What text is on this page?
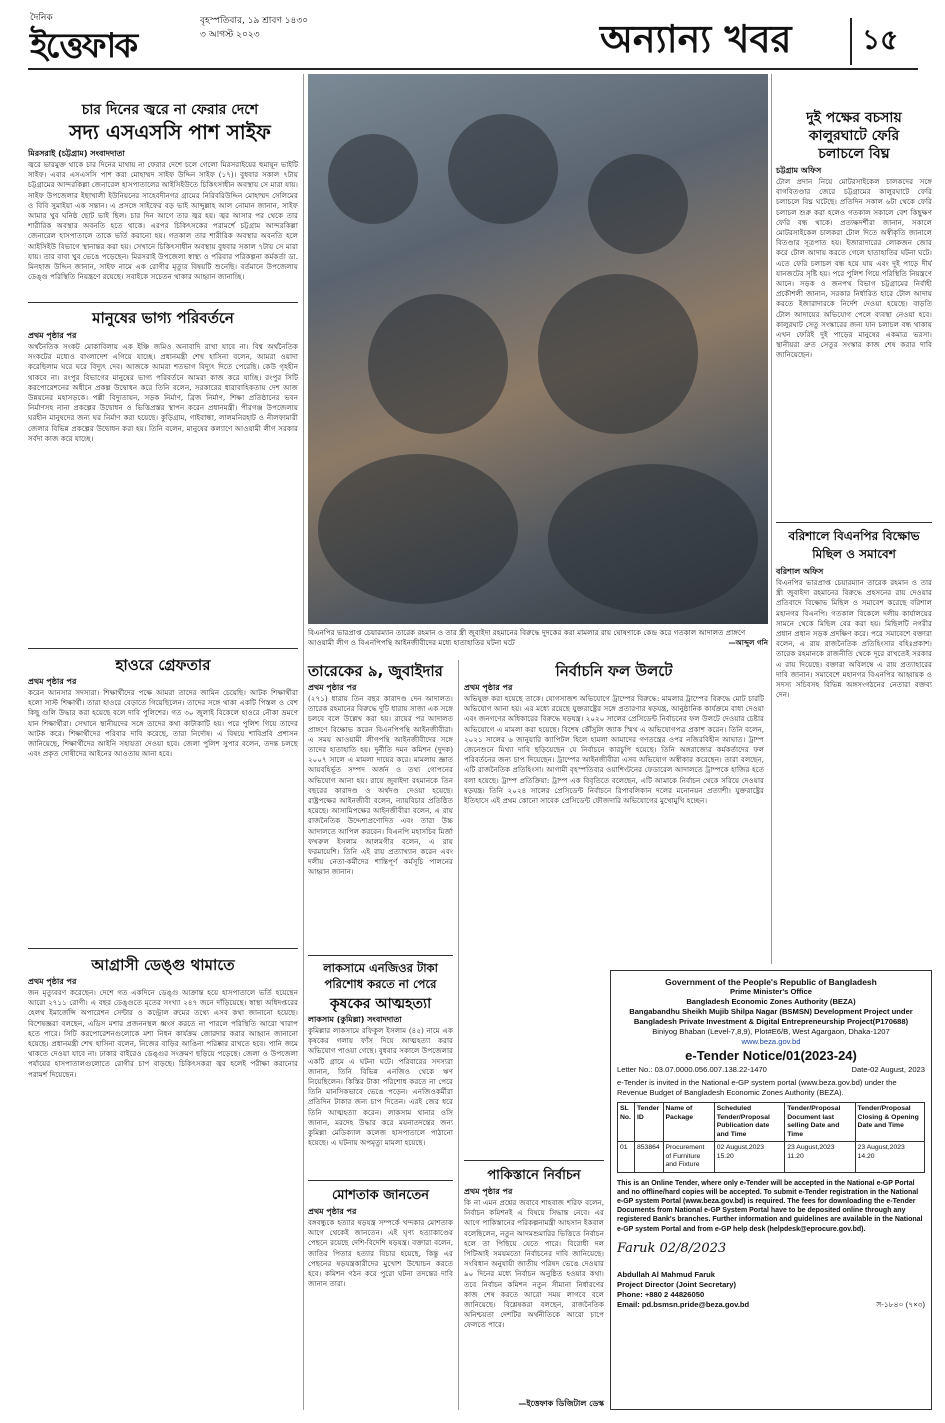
দৈনিক
ইত্তেফাক
বৃহস্পতিবার, ১৯ শ্রাবণ ১৪৩০
৩ আগস্ট ২০২৩	অন্যান্য খবর	১৫
চার দিনের জ্বরে না ফেরার দেশে
সদ্য এসএসসি পাশ সাইফ
মিরসরাই (চট্টগ্রাম) সংবাদদাতা
জ্বরে ভারমুক্ত থাকে চার দিনের মাথায় না ফেরার দেশে চলে গেলো মিরসরাইয়ের হুমায়ূন ভাইটি সাইফ। এবার এসএসসি পাশ করা মোহাম্মদ সাইফ উদ্দিন সাইফ (১৭)। বুধবার সকাল ৭টায় চট্টগ্রামের আন্দরকিল্লা জেনারেল হাসপাতালের আইসিইউতে চিকিৎসাধীন অবস্থায় সে মারা যায়। সাইফ উপজেলার ইছাখালী ইউনিয়নের সাহেবদীনগর গ্রামের নিরিবরিউদ্দিন মোহাম্মদ সেলিমের ও বিবি সুমাইয়া এক সন্তান। এ প্রসঙ্গে সাইফের বড় ভাই আব্দুল্লাহ আল নোমান জানান, সাইফ আমার খুব ঘনিষ্ঠ ছোট ভাই ছিল। চার দিন আগে তার জ্বর হয়। জ্বর আসার পর থেকে তার শারীরিক অবস্থার অবনতি হতে থাকে। এরপর চিকিৎসকের পরামর্শে চট্টগ্রাম আন্দরকিল্লা জেনারেল হাসপাতালে তাকে ভর্তি করানো হয়। গতকাল তার শারীরিক অবস্থার অবনতি হলে আইসিইউ বিভাগে স্থানান্তর করা হয়। সেখানে চিকিৎসাধীন অবস্থায় বুধবার সকাল ৭টায় সে মারা যায়। তার বাবা খুব ভেঙে পড়েছেন। মিরসরাই উপজেলা স্বাস্থ্য ও পরিবার পরিকল্পনা কর্মকর্তা ডা. মিনহাজ উদ্দিন জানান, সাইফ নামে এক রোগীর মৃত্যুর বিষয়টি শুনেছি। বর্তমানে উপজেলায় ডেঙ্গু পরিস্থিতি নিয়ন্ত্রণে রয়েছে। সবাইকে সচেতন থাকার আহ্বান জানাচ্ছি।
মানুষের ভাগ্য পরিবর্তনে
প্রথম পৃষ্ঠার পর
অর্থনৈতিক সংকট মোকাবিলায় এক ইঞ্চি জমিও অনাবাদি রাখা যাবে না। বিশ্ব অর্থনৈতিক সংকটের মধ্যেও বাংলাদেশ এগিয়ে যাচ্ছে। প্রধানমন্ত্রী শেখ হাসিনা বলেন, আমরা ওয়াদা করেছিলাম ঘরে ঘরে বিদ্যুৎ দেব। আজকে আমরা শতভাগ বিদ্যুৎ দিতে পেরেছি। কেউ গৃহহীন থাকবে না। রংপুর বিভাগের মানুষের ভাগ্য পরিবর্তনে আমরা কাজ করে যাচ্ছি। রংপুর সিটি করপোরেশনের অধীনে প্রকল্প উদ্বোধন করে তিনি বলেন, সরকারের ধারাবাহিকতায় দেশ আজ উন্নয়নের মহাসড়কে। পল্লী বিদ্যুতায়ন, সড়ক নির্মাণ, ব্রিজ নির্মাণ, শিক্ষা প্রতিষ্ঠানের ভবন নির্মাণসহ নানা প্রকল্পের উদ্বোধন ও ভিত্তিপ্রস্তর স্থাপন করেন প্রধানমন্ত্রী। পীরগঞ্জ উপজেলায় ঘরহীন মানুষদের জন্য ঘর নির্মাণ করা হয়েছে। কুড়িগ্রাম, গাইবান্ধা, লালমনিরহাট ও নীলফামারী জেলার বিভিন্ন প্রকল্পের উদ্বোধন করা হয়। তিনি বলেন, মানুষের কল্যাণে আওয়ামী লীগ সরকার সর্বদা কাজ করে যাচ্ছে।
হাওরে গ্রেফতার
প্রথম পৃষ্ঠার পর
করেন আনসার সদস্যরা। শিক্ষার্থীদের পক্ষে আমরা তাদের জামিন চেয়েছি। আটক শিক্ষার্থীরা হলো সাস্ট শিক্ষার্থী। তারা হাওরে বেড়াতে গিয়েছিলেন। তাদের সঙ্গে থাকা একটি পিস্তল ও বেশ কিছু গুলি উদ্ধার করা হয়েছে বলে দাবি পুলিশের। গত ৩০ জুলাই বিকেলে হাওরে নৌকা ভ্রমণে যান শিক্ষার্থীরা। সেখানে স্থানীয়দের সঙ্গে তাদের কথা কাটাকাটি হয়। পরে পুলিশ গিয়ে তাদের আটক করে। শিক্ষার্থীদের পরিবার দাবি করেছে, তারা নির্দোষ। এ বিষয়ে শাবিপ্রবি প্রশাসন জানিয়েছে, শিক্ষার্থীদের আইনি সহায়তা দেওয়া হবে। জেলা পুলিশ সুপার বলেন, তদন্ত চলছে এবং প্রকৃত দোষীদের আইনের আওতায় আনা হবে।
আগ্রাসী ডেঙ্গু থামাতে
প্রথম পৃষ্ঠার পর
জন মৃত্যুবরণ করেছেন। দেশে গত একদিনে ডেঙ্গু আক্রান্ত হয়ে হাসপাতালে ভর্তি হয়েছেন আরো ২৭১১ রোগী। এ বছর ডেঙ্গুতে মৃতের সংখ্যা ২৪৭ জনে দাঁড়িয়েছে। স্বাস্থ্য অধিদপ্তরের হেলথ ইমার্জেন্সি অপারেশন সেন্টার ও কন্ট্রোল রুমের তথ্যে এসব কথা জানানো হয়েছে। বিশেষজ্ঞরা বলছেন, এডিস মশার প্রজননস্থল ধ্বংস করতে না পারলে পরিস্থিতি আরো খারাপ হতে পারে। সিটি করপোরেশনগুলোকে মশা নিধন কার্যক্রম জোরদার করার আহ্বান জানানো হয়েছে। প্রধানমন্ত্রী শেখ হাসিনা বলেন, নিজের বাড়ির আঙিনা পরিষ্কার রাখতে হবে। পানি জমে থাকতে দেওয়া যাবে না। ঢাকার বাইরেও ডেঙ্গুর সংক্রমণ ছড়িয়ে পড়েছে। জেলা ও উপজেলা পর্যায়ের হাসপাতালগুলোতে রোগীর চাপ বাড়ছে। চিকিৎসকরা জ্বর হলেই পরীক্ষা করানোর পরামর্শ দিয়েছেন।
বিএনপির ভারপ্রাপ্ত চেয়ারম্যান তারেক রহমান ও তার স্ত্রী জুবাইদা রহমানের বিরুদ্ধে দুদকের করা মামলার রায় ঘোষণাকে কেন্দ্র করে গতকাল আদালত প্রাঙ্গণে আওয়ামী লীগ ও বিএনপিপন্থি আইনজীবীদের মধ্যে হাতাহাতির ঘটনা ঘটে	—আব্দুল গনি
তারেকের ৯, জুবাইদার
প্রথম পৃষ্ঠার পর
(২৭১) ধারায় তিন বছর কারাদণ্ড দেন আদালত। তারেক রহমানের বিরুদ্ধে দুটি ধারায় সাজা এক সঙ্গে চলবে বলে উল্লেখ করা হয়। রায়ের পর আদালত প্রাঙ্গণে বিক্ষোভ করেন বিএনপিপন্থি আইনজীবীরা। এ সময় আওয়ামী লীগপন্থি আইনজীবীদের সঙ্গে তাদের হাতাহাতি হয়। দুর্নীতি দমন কমিশন (দুদক) ২০০৭ সালে এ মামলা দায়ের করে। মামলায় জ্ঞাত আয়বহির্ভূত সম্পদ অর্জন ও তথ্য গোপনের অভিযোগ আনা হয়। রায়ে জুবাইদা রহমানকে তিন বছরের কারাদণ্ড ও অর্থদণ্ড দেওয়া হয়েছে। রাষ্ট্রপক্ষের আইনজীবী বলেন, ন্যায়বিচার প্রতিষ্ঠিত হয়েছে। আসামিপক্ষের আইনজীবীরা বলেন, এ রায় রাজনৈতিক উদ্দেশ্যপ্রণোদিত এবং তারা উচ্চ আদালতে আপিল করবেন। বিএনপি মহাসচিব মির্জা ফখরুল ইসলাম আলমগীর বলেন, এ রায় ফরমায়েশি। তিনি এই রায় প্রত্যাখ্যান করেন এবং দলীয় নেতা-কর্মীদের শান্তিপূর্ণ কর্মসূচি পালনের আহ্বান জানান।
লাকসামে এনজিওর টাকা
পরিশোধ করতে না পেরে
কৃষকের আত্মহত্যা
লাকসাম (কুমিল্লা) সংবাদদাতা
কুমিল্লার লাকসামে রফিকুল ইসলাম (৪৫) নামে এক কৃষকের গলায় ফাঁস দিয়ে আত্মহত্যা করার অভিযোগ পাওয়া গেছে। বুধবার সকালে উপজেলার একটি গ্রামে এ ঘটনা ঘটে। পরিবারের সদস্যরা জানান, তিনি বিভিন্ন এনজিও থেকে ঋণ নিয়েছিলেন। কিস্তির টাকা পরিশোধ করতে না পেরে তিনি মানসিকভাবে ভেঙে পড়েন। এনজিওকর্মীরা প্রতিদিন টাকার জন্য চাপ দিতেন। এরই জের ধরে তিনি আত্মহত্যা করেন। লাকসাম থানার ওসি জানান, মরদেহ উদ্ধার করে ময়নাতদন্তের জন্য কুমিল্লা মেডিক্যাল কলেজ হাসপাতালে পাঠানো হয়েছে। এ ঘটনায় অপমৃত্যু মামলা হয়েছে।
মোশতাক জানতেন
প্রথম পৃষ্ঠার পর
বঙ্গবন্ধুকে হত্যার ষড়যন্ত্র সম্পর্কে খন্দকার মোশতাক আগে থেকেই জানতেন। এই ঘৃণ্য হত্যাকাণ্ডের পেছনে রয়েছে দেশি-বিদেশি ষড়যন্ত্র। বক্তারা বলেন, জাতির পিতার হত্যার বিচার হয়েছে, কিন্তু এর পেছনের ষড়যন্ত্রকারীদের মুখোশ উন্মোচন করতে হবে। কমিশন গঠন করে পুরো ঘটনা তদন্তের দাবি জানান তারা।
নির্বাচনি ফল উলটে
প্রথম পৃষ্ঠার পর
অভিযুক্ত করা হয়েছে তাকে। যোগসাজশ অভিযোগে ট্রাম্পের বিরুদ্ধে: মামলার ট্রাম্পের বিরুদ্ধে মোট চারটি অভিযোগ আনা হয়। এর মধ্যে রয়েছে যুক্তরাষ্ট্রের সঙ্গে প্রতারণার ষড়যন্ত্র, আনুষ্ঠানিক কার্যক্রমে বাধা দেওয়া এবং জনগণের অধিকারের বিরুদ্ধে ষড়যন্ত্র। ২০২০ সালের প্রেসিডেন্ট নির্বাচনের ফল উলটে দেওয়ার চেষ্টার অভিযোগে এ মামলা করা হয়েছে। বিশেষ কৌঁসুলি জ্যাক স্মিথ এ অভিযোগপত্র প্রকাশ করেন। তিনি বলেন, ২০২১ সালের ৬ জানুয়ারি ক্যাপিটল হিলে হামলা আমাদের গণতন্ত্রের ওপর নজিরবিহীন আঘাত। ট্রাম্প জেনেশুনে মিথ্যা দাবি ছড়িয়েছেন যে নির্বাচনে কারচুপি হয়েছে। তিনি অঙ্গরাজ্যের কর্মকর্তাদের ফল পরিবর্তনের জন্য চাপ দিয়েছেন। ট্রাম্পের আইনজীবীরা এসব অভিযোগ অস্বীকার করেছেন। তারা বলছেন, এটি রাজনৈতিক প্রতিহিংসা। আগামী বৃহস্পতিবার ওয়াশিংটনের ফেডারেল আদালতে ট্রাম্পকে হাজির হতে বলা হয়েছে। ট্রাম্প প্রতিক্রিয়া: ট্রাম্প এক বিবৃতিতে বলেছেন, এটি আমাকে নির্বাচন থেকে সরিয়ে দেওয়ার ষড়যন্ত্র। তিনি ২০২৪ সালের প্রেসিডেন্ট নির্বাচনে রিপাবলিকান দলের মনোনয়ন প্রত্যাশী। যুক্তরাষ্ট্রের ইতিহাসে এই প্রথম কোনো সাবেক প্রেসিডেন্ট ফৌজদারি অভিযোগের মুখোমুখি হচ্ছেন।
পাকিস্তানে নির্বাচন
প্রথম পৃষ্ঠার পর
কি না এমন প্রশ্নের জবাবে শাহবাজ শরিফ বলেন, নির্বাচন কমিশনই এ বিষয়ে সিদ্ধান্ত নেবে। এর আগে পাকিস্তানের পরিকল্পনামন্ত্রী আহসান ইকবাল বলেছিলেন, নতুন আদমশুমারির ভিত্তিতে নির্বাচন হলে তা পিছিয়ে যেতে পারে। বিরোধী দল পিটিআই সময়মতো নির্বাচনের দাবি জানিয়েছে। সংবিধান অনুযায়ী জাতীয় পরিষদ ভেঙে দেওয়ার ৯০ দিনের মধ্যে নির্বাচন অনুষ্ঠিত হওয়ার কথা। তবে নির্বাচন কমিশন নতুন সীমানা নির্ধারণের কাজ শেষ করতে আরো সময় লাগবে বলে জানিয়েছে। বিশ্লেষকরা বলছেন, রাজনৈতিক অনিশ্চয়তা দেশটির অর্থনীতিকে আরো চাপে ফেলতে পারে।
—ইত্তেফাক ডিজিটাল ডেস্ক
দুই পক্ষের বচসায়
কালুরঘাটে ফেরি
চলাচলে বিঘ্ন
চট্টগ্রাম অফিস
টোল প্রদান নিয়ে মোটরসাইকেল চালকদের সঙ্গে বাগবিতণ্ডার জেরে চট্টগ্রামের কালুরঘাটে ফেরি চলাচলে বিঘ্ন ঘটেছে। প্রতিদিন সকাল ৬টা থেকে ফেরি চলাচল শুরু করা হলেও গতকাল সকালে বেশ কিছুক্ষণ ফেরি বন্ধ থাকে। প্রত্যক্ষদর্শীরা জানান, সকালে মোটরসাইকেল চালকরা টোল দিতে অস্বীকৃতি জানালে বিতণ্ডার সূত্রপাত হয়। ইজারাদারের লোকজন জোর করে টোল আদায় করতে গেলে হাতাহাতির ঘটনা ঘটে। এতে ফেরি চলাচল বন্ধ হয়ে যায় এবং দুই পাড়ে দীর্ঘ যানজটের সৃষ্টি হয়। পরে পুলিশ গিয়ে পরিস্থিতি নিয়ন্ত্রণে আনে। সড়ক ও জনপথ বিভাগ চট্টগ্রামের নির্বাহী প্রকৌশলী জানান, সরকার নির্ধারিত হারে টোল আদায় করতে ইজারাদারকে নির্দেশ দেওয়া হয়েছে। বাড়তি টোল আদায়ের অভিযোগ পেলে ব্যবস্থা নেওয়া হবে। কালুরঘাট সেতু সংস্কারের জন্য যান চলাচল বন্ধ থাকায় এখন ফেরিই দুই পাড়ের মানুষের একমাত্র ভরসা। স্থানীয়রা দ্রুত সেতুর সংস্কার কাজ শেষ করার দাবি জানিয়েছেন।
বরিশালে বিএনপির বিক্ষোভ
মিছিল ও সমাবেশ
বরিশাল অফিস
বিএনপির ভারপ্রাপ্ত চেয়ারম্যান তারেক রহমান ও তার স্ত্রী জুবাইদা রহমানের বিরুদ্ধে প্রহসনের রায় দেওয়ার প্রতিবাদে বিক্ষোভ মিছিল ও সমাবেশ করেছে বরিশাল মহানগর বিএনপি। গতকাল বিকেলে দলীয় কার্যালয়ের সামনে থেকে মিছিল বের করা হয়। মিছিলটি নগরীর প্রধান প্রধান সড়ক প্রদক্ষিণ করে। পরে সমাবেশে বক্তারা বলেন, এ রায় রাজনৈতিক প্রতিহিংসার বহিঃপ্রকাশ। তারেক রহমানকে রাজনীতি থেকে দূরে রাখতেই সরকার এ রায় দিয়েছে। বক্তারা অবিলম্বে এ রায় প্রত্যাহারের দাবি জানান। সমাবেশে মহানগর বিএনপির আহ্বায়ক ও সদস্য সচিবসহ বিভিন্ন অঙ্গসংগঠনের নেতারা বক্তব্য দেন।
Government of the People's Republic of Bangladesh
Prime Minister's Office
Bangladesh Economic Zones Authority (BEZA)
Bangabandhu Sheikh Mujib Shilpa Nagar (BSMSN) Development Project under Bangladesh Private Investment & Digital Entrepreneurship Project(P170688)
Biniyog Bhaban (Level-7,8,9), Plot#E6/B, West Agargaon, Dhaka-1207
www.beza.gov.bd
e-Tender Notice/01(2023-24)
Letter No.: 03.07.0000.056.007.138.22-1470	Date-02 August, 2023
e-Tender is invited in the National e-GP system portal (www.beza.gov.bd) under the Revenue Budget of Bangladesh Economic Zones Authority (BEZA).
SL No.	Tender ID	Name of Package	Scheduled Tender/Proposal Publication date and Time	Tender/Proposal Document last selling Date and Time	Tender/Proposal Closing & Opening Date and Time
01	853864	Procurement of Furniture and Fixture	02 August,2023 15.20	23 August,2023 11.20	23 August,2023 14.20
This is an Online Tender, where only e-Tender will be accepted in the National e-GP Portal and no offline/hard copies will be accepted. To submit e-Tender registration in the National e-GP system Portal (www.beza.gov.bd) is required. The fees for downloading the e-Tender Documents from National e-GP System Portal have to be deposited online through any registered Bank's branches. Further information and guidelines are available in the National e-GP system Portal and from e-GP help desk (helpdesk@eprocure.gov.bd).
Faruk 02/8/2023
Abdullah Al Mahmud Faruk
Project Director (Joint Secretary)
Phone: +880 2 44826050
Email: pd.bsmsn.pride@beza.gov.bd	স-১৮৪০ (৭×৩)
